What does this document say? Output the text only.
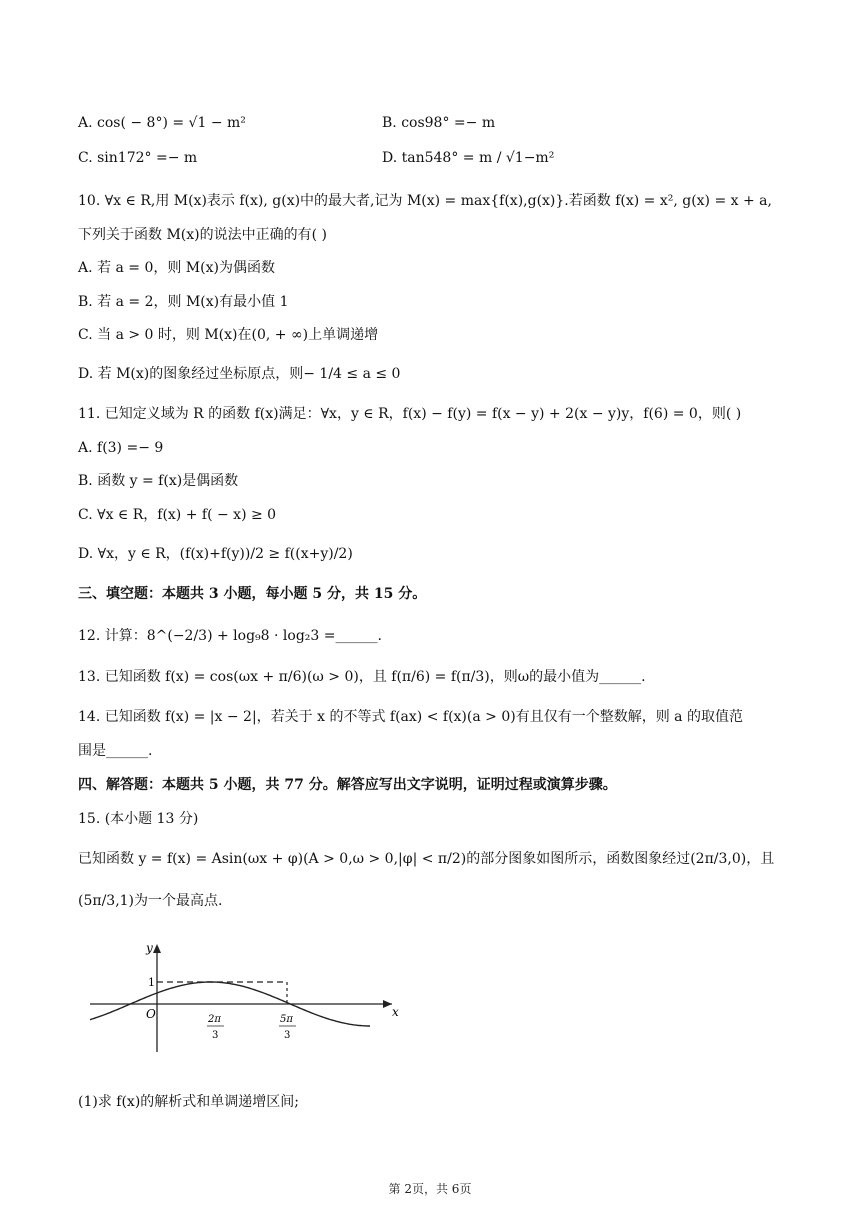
A. cos( − 8°) = √1 − m²	B. cos98° =− m
C. sin172° =− m	D. tan548° = m / √1−m²
10. ∀x ∈ R,用 M(x)表示 f(x), g(x)中的最大者,记为 M(x) = max{f(x),g(x)}.若函数 f(x) = x², g(x) = x + a,
下列关于函数 M(x)的说法中正确的有( )
A. 若 a = 0，则 M(x)为偶函数
B. 若 a = 2，则 M(x)有最小值 1
C. 当 a > 0 时，则 M(x)在(0, + ∞)上单调递增
D. 若 M(x)的图象经过坐标原点，则− 1/4 ≤ a ≤ 0
11. 已知定义域为 R 的函数 f(x)满足：∀x，y ∈ R，f(x) − f(y) = f(x − y) + 2(x − y)y，f(6) = 0，则( )
A. f(3) =− 9
B. 函数 y = f(x)是偶函数
C. ∀x ∈ R，f(x) + f( − x) ≥ 0
D. ∀x，y ∈ R，(f(x)+f(y))/2 ≥ f((x+y)/2)
三、填空题：本题共 3 小题，每小题 5 分，共 15 分。
12. 计算：8^(−2/3) + log₉8 · log₂3 =______.
13. 已知函数 f(x) = cos(ωx + π/6)(ω > 0)，且 f(π/6) = f(π/3)，则ω的最小值为______.
14. 已知函数 f(x) = |x − 2|，若关于 x 的不等式 f(ax) < f(x)(a > 0)有且仅有一个整数解，则 a 的取值范
围是______.
四、解答题：本题共 5 小题，共 77 分。解答应写出文字说明，证明过程或演算步骤。
15. (本小题 13 分)
已知函数 y = f(x) = Asin(ωx + φ)(A > 0,ω > 0,|φ| < π/2)的部分图象如图所示，函数图象经过(2π/3,0)，且
(5π/3,1)为一个最高点.
y
x
O
1
2π
3
5π
3
(1)求 f(x)的解析式和单调递增区间;
第 2页，共 6页
